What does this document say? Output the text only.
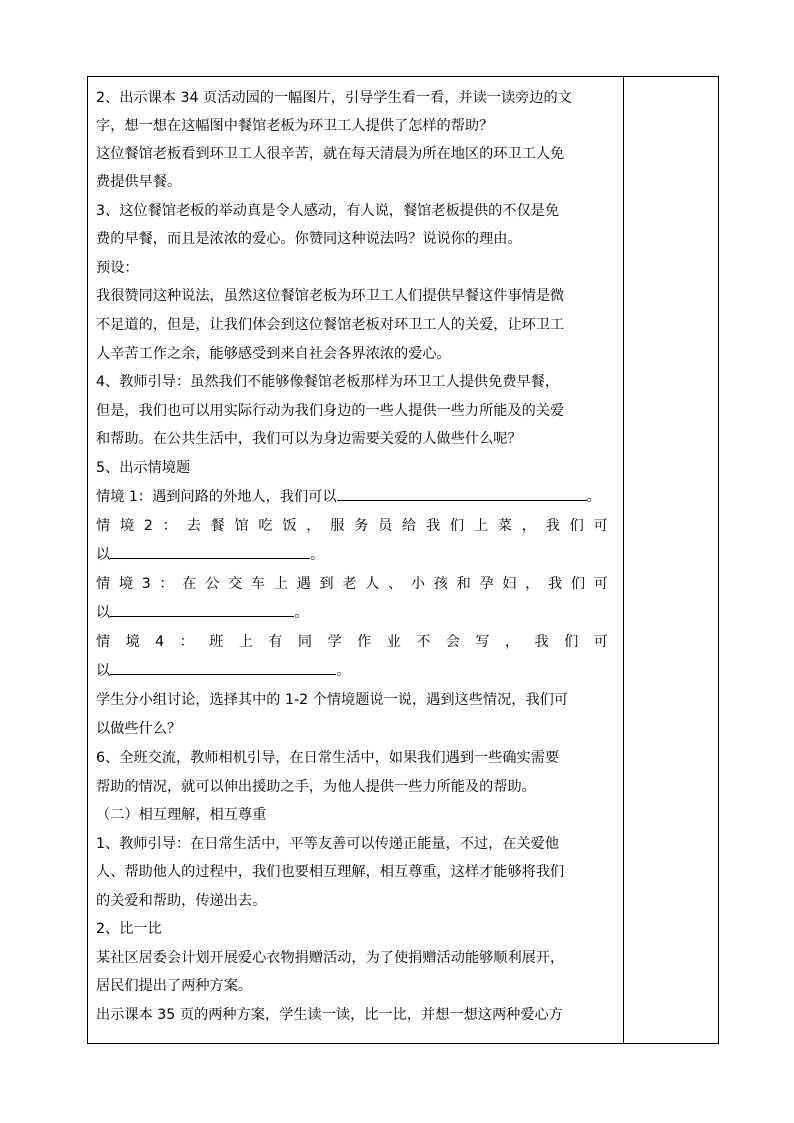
2、出示课本 34 页活动园的一幅图片，引导学生看一看，并读一读旁边的文
字，想一想在这幅图中餐馆老板为环卫工人提供了怎样的帮助？
这位餐馆老板看到环卫工人很辛苦，就在每天清晨为所在地区的环卫工人免
费提供早餐。
3、这位餐馆老板的举动真是令人感动，有人说，餐馆老板提供的不仅是免
费的早餐，而且是浓浓的爱心。你赞同这种说法吗？说说你的理由。
预设：
我很赞同这种说法，虽然这位餐馆老板为环卫工人们提供早餐这件事情是微
不足道的，但是，让我们体会到这位餐馆老板对环卫工人的关爱，让环卫工
人辛苦工作之余，能够感受到来自社会各界浓浓的爱心。
4、教师引导：虽然我们不能够像餐馆老板那样为环卫工人提供免费早餐，
但是，我们也可以用实际行动为我们身边的一些人提供一些力所能及的关爱
和帮助。在公共生活中，我们可以为身边需要关爱的人做些什么呢？
5、出示情境题
情境 1：遇到问路的外地人，我们可以	。
情 境 2 ： 去 餐 馆 吃 饭 ， 服 务 员 给 我 们 上 菜 ， 我 们 可
以	。
情 境 3 ： 在 公 交 车 上 遇 到 老 人 、 小 孩 和 孕 妇 ， 我 们 可
以	。
情 境 4 ： 班 上 有 同 学 作 业 不 会 写 ， 我 们 可
以	。
学生分小组讨论，选择其中的 1-2 个情境题说一说，遇到这些情况，我们可
以做些什么？
6、全班交流，教师相机引导，在日常生活中，如果我们遇到一些确实需要
帮助的情况，就可以伸出援助之手，为他人提供一些力所能及的帮助。
（二）相互理解，相互尊重
1、教师引导：在日常生活中，平等友善可以传递正能量，不过，在关爱他
人、帮助他人的过程中，我们也要相互理解，相互尊重，这样才能够将我们
的关爱和帮助，传递出去。
2、比一比
某社区居委会计划开展爱心衣物捐赠活动，为了使捐赠活动能够顺利展开，
居民们提出了两种方案。
出示课本 35 页的两种方案，学生读一读，比一比，并想一想这两种爱心方
